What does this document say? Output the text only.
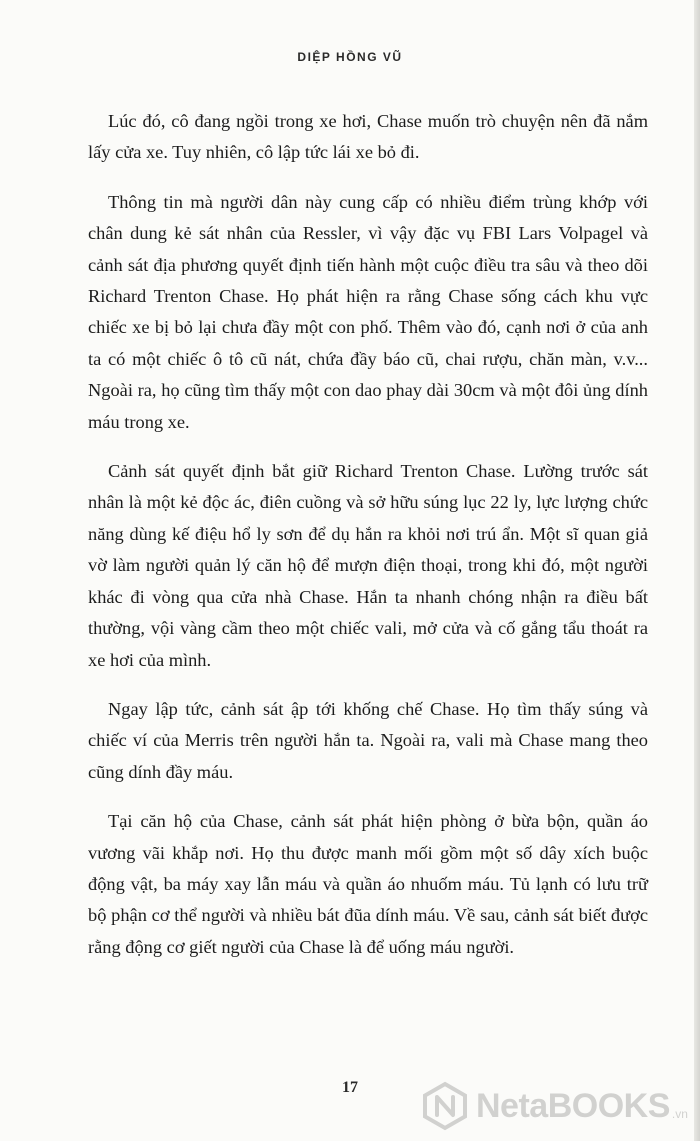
DIỆP HỒNG VŨ

Lúc đó, cô đang ngồi trong xe hơi, Chase muốn trò chuyện nên đã nắm lấy cửa xe. Tuy nhiên, cô lập tức lái xe bỏ đi.

Thông tin mà người dân này cung cấp có nhiều điểm trùng khớp với chân dung kẻ sát nhân của Ressler, vì vậy đặc vụ FBI Lars Volpagel và cảnh sát địa phương quyết định tiến hành một cuộc điều tra sâu và theo dõi Richard Trenton Chase. Họ phát hiện ra rằng Chase sống cách khu vực chiếc xe bị bỏ lại chưa đầy một con phố. Thêm vào đó, cạnh nơi ở của anh ta có một chiếc ô tô cũ nát, chứa đầy báo cũ, chai rượu, chăn màn, v.v... Ngoài ra, họ cũng tìm thấy một con dao phay dài 30cm và một đôi ủng dính máu trong xe.

Cảnh sát quyết định bắt giữ Richard Trenton Chase. Lường trước sát nhân là một kẻ độc ác, điên cuồng và sở hữu súng lục 22 ly, lực lượng chức năng dùng kế điệu hổ ly sơn để dụ hắn ra khỏi nơi trú ẩn. Một sĩ quan giả vờ làm người quản lý căn hộ để mượn điện thoại, trong khi đó, một người khác đi vòng qua cửa nhà Chase. Hắn ta nhanh chóng nhận ra điều bất thường, vội vàng cầm theo một chiếc vali, mở cửa và cố gắng tẩu thoát ra xe hơi của mình.

Ngay lập tức, cảnh sát ập tới khống chế Chase. Họ tìm thấy súng và chiếc ví của Merris trên người hắn ta. Ngoài ra, vali mà Chase mang theo cũng dính đầy máu.

Tại căn hộ của Chase, cảnh sát phát hiện phòng ở bừa bộn, quần áo vương vãi khắp nơi. Họ thu được manh mối gồm một số dây xích buộc động vật, ba máy xay lẫn máu và quần áo nhuốm máu. Tủ lạnh có lưu trữ bộ phận cơ thể người và nhiều bát đũa dính máu. Về sau, cảnh sát biết được rằng động cơ giết người của Chase là để uống máu người.

17	NetaBOOKS .vn
